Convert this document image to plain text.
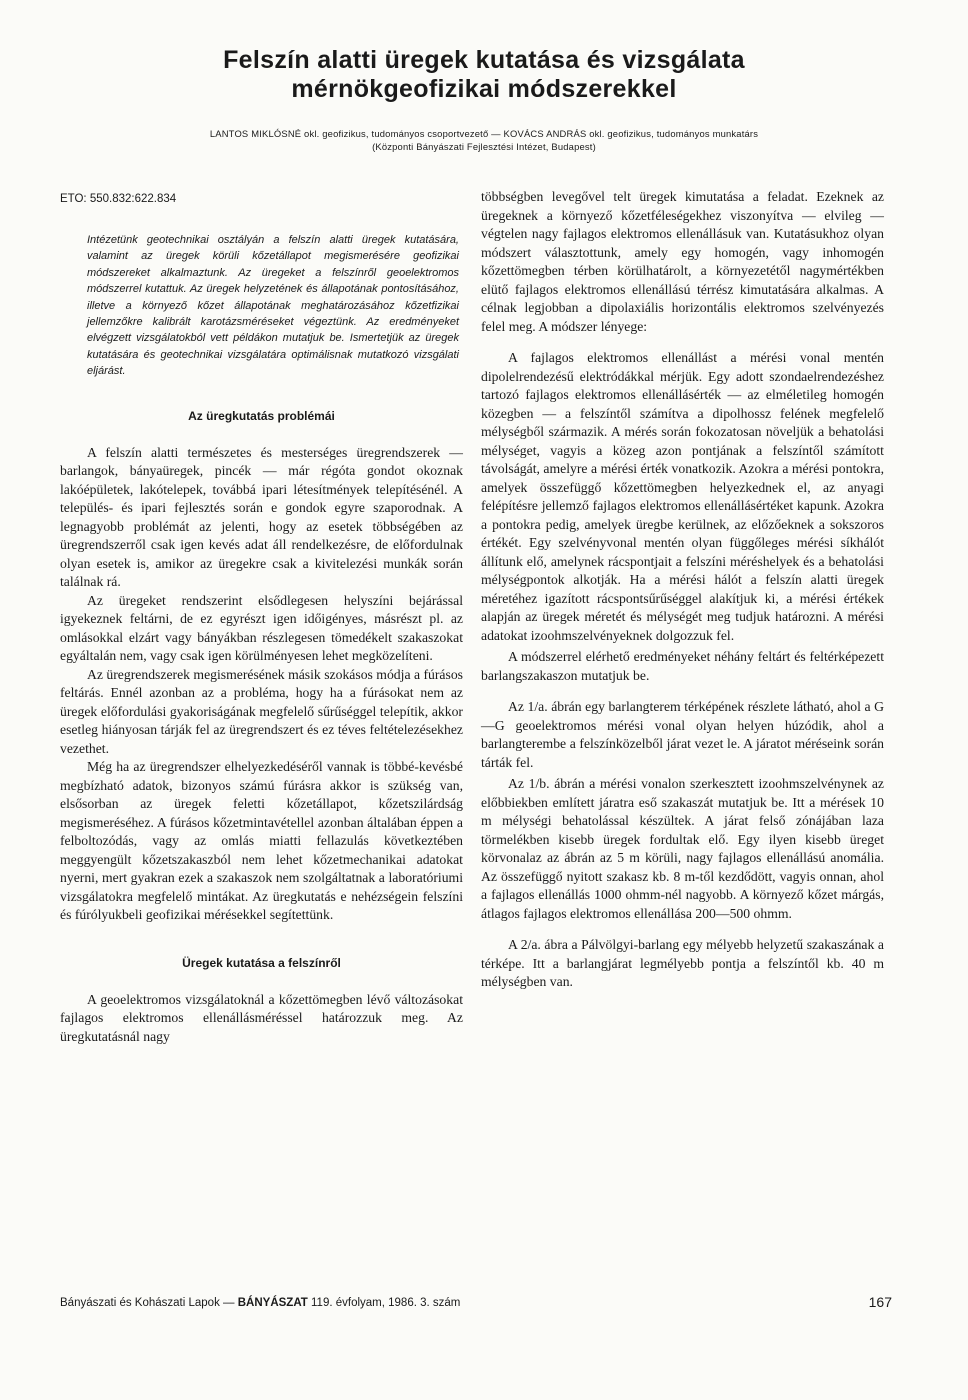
Felszín alatti üregek kutatása és vizsgálata
mérnökgeofizikai módszerekkel
LANTOS MIKLÓSNÉ okl. geofizikus, tudományos csoportvezető — KOVÁCS ANDRÁS okl. geofizikus, tudományos munkatárs
(Központi Bányászati Fejlesztési Intézet, Budapest)
ETO: 550.832:622.834
Intézetünk geotechnikai osztályán a felszín alatti üregek kutatására, valamint az üregek körüli kőzetállapot megismerésére geofizikai módszereket alkalmaztunk. Az üregeket a felszínről geoelektromos módszerrel kutattuk. Az üregek helyzetének és állapotának pontosításához, illetve a környező kőzet állapotának meghatározásához kőzetfizikai jellemzőkre kalibrált karotázsméréseket végeztünk. Az eredményeket elvégzett vizsgálatokból vett példákon mutatjuk be. Ismertetjük az üregek kutatására és geotechnikai vizsgálatára optimálisnak mutatkozó vizsgálati eljárást.
Az üregkutatás problémái

A felszín alatti természetes és mesterséges üregrendszerek — barlangok, bányaüregek, pincék — már régóta gondot okoznak lakóépületek, lakótelepek, továbbá ipari létesítmények telepítésénél. A település- és ipari fejlesztés során e gondok egyre szaporodnak. A legnagyobb problémát az jelenti, hogy az esetek többségében az üregrendszerről csak igen kevés adat áll rendelkezésre, de előfordulnak olyan esetek is, amikor az üregekre csak a kivitelezési munkák során találnak rá.

Az üregeket rendszerint elsődlegesen helyszíni bejárással igyekeznek feltárni, de ez egyrészt igen időigényes, másrészt pl. az omlásokkal elzárt vagy bányákban részlegesen tömedékelt szakaszokat egyáltalán nem, vagy csak igen körülményesen lehet megközelíteni.

Az üregrendszerek megismerésének másik szokásos módja a fúrásos feltárás. Ennél azonban az a probléma, hogy ha a fúrásokat nem az üregek előfordulási gyakoriságának megfelelő sűrűséggel telepítik, akkor esetleg hiányosan tárják fel az üregrendszert és ez téves feltételezésekhez vezethet.

Még ha az üregrendszer elhelyezkedéséről vannak is többé-kevésbé megbízható adatok, bizonyos számú fúrásra akkor is szükség van, elsősorban az üregek feletti kőzetállapot, kőzetszilárdság megismeréséhez. A fúrásos kőzetmintavétellel azonban általában éppen a felboltozódás, vagy az omlás miatti fellazulás következtében meggyengült kőzetszakaszból nem lehet kőzetmechanikai adatokat nyerni, mert gyakran ezek a szakaszok nem szolgáltatnak a laboratóriumi vizsgálatokra megfelelő mintákat. Az üregkutatás e nehézségein felszíni és fúrólyukbeli geofizikai mérésekkel segítettünk.

Üregek kutatása a felszínről

A geoelektromos vizsgálatoknál a kőzettömegben lévő változásokat fajlagos elektromos ellenállásméréssel határozzuk meg. Az üregkutatásnál nagy

többségben levegővel telt üregek kimutatása a feladat. Ezeknek az üregeknek a környező kőzetféleségekhez viszonyítva — elvileg — végtelen nagy fajlagos elektromos ellenállásuk van. Kutatásukhoz olyan módszert választottunk, amely egy homogén, vagy inhomogén kőzettömegben térben körülhatárolt, a környezetétől nagymértékben elütő fajlagos elektromos ellenállású térrész kimutatására alkalmas. A célnak legjobban a dipolaxiális horizontális elektromos szelvényezés felel meg. A módszer lényege:

A fajlagos elektromos ellenállást a mérési vonal mentén dipolelrendezésű elektródákkal mérjük. Egy adott szondaelrendezéshez tartozó fajlagos elektromos ellenállásérték — az elméletileg homogén közegben — a felszíntől számítva a dipolhossz felének megfelelő mélységből származik. A mérés során fokozatosan növeljük a behatolási mélységet, vagyis a közeg azon pontjának a felszíntől számított távolságát, amelyre a mérési érték vonatkozik. Azokra a mérési pontokra, amelyek összefüggő kőzettömegben helyezkednek el, az anyagi felépítésre jellemző fajlagos elektromos ellenállásértéket kapunk. Azokra a pontokra pedig, amelyek üregbe kerülnek, az előzőeknek a sokszoros értékét. Egy szelvényvonal mentén olyan függőleges mérési síkhálót állítunk elő, amelynek rácspontjait a felszíni méréshelyek és a behatolási mélységpontok alkotják. Ha a mérési hálót a felszín alatti üregek méretéhez igazított rácspontsűrűséggel alakítjuk ki, a mérési értékek alapján az üregek méretét és mélységét meg tudjuk határozni. A mérési adatokat izoohmszelvényeknek dolgozzuk fel.

A módszerrel elérhető eredményeket néhány feltárt és feltérképezett barlangszakaszon mutatjuk be.

Az 1/a. ábrán egy barlangterem térképének részlete látható, ahol a G—G geoelektromos mérési vonal olyan helyen húzódik, ahol a barlangterembe a felszínközelből járat vezet le. A járatot méréseink során tárták fel.

Az 1/b. ábrán a mérési vonalon szerkesztett izoohmszelvénynek az előbbiekben említett járatra eső szakaszát mutatjuk be. Itt a mérések 10 m mélységi behatolással készültek. A járat felső zónájában laza törmelékben kisebb üregek fordultak elő. Egy ilyen kisebb üreget körvonalaz az ábrán az 5 m körüli, nagy fajlagos ellenállású anomália. Az összefüggő nyitott szakasz kb. 8 m-től kezdődött, vagyis onnan, ahol a fajlagos ellenállás 1000 ohmm-nél nagyobb. A környező kőzet márgás, átlagos fajlagos elektromos ellenállása 200—500 ohmm.

A 2/a. ábra a Pálvölgyi-barlang egy mélyebb helyzetű szakaszának a térképe. Itt a barlangjárat legmélyebb pontja a felszíntől kb. 40 m mélységben van.

Bányászati és Kohászati Lapok — BÁNYÁSZAT 119. évfolyam, 1986. 3. szám	167
